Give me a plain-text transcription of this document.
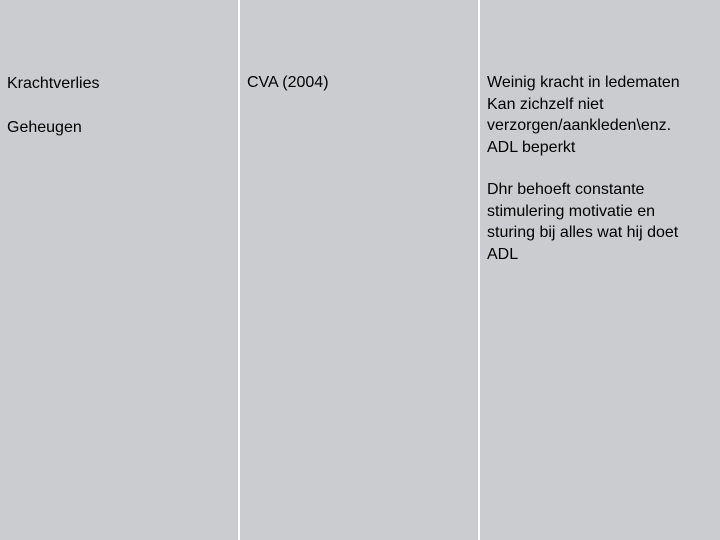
Krachtverlies
Geheugen
CVA (2004)	Weinig kracht in ledematen
Kan zichzelf niet
verzorgen/aankleden\enz.
ADL beperkt
Dhr behoeft constante
stimulering motivatie en
sturing bij alles wat hij doet
ADL
